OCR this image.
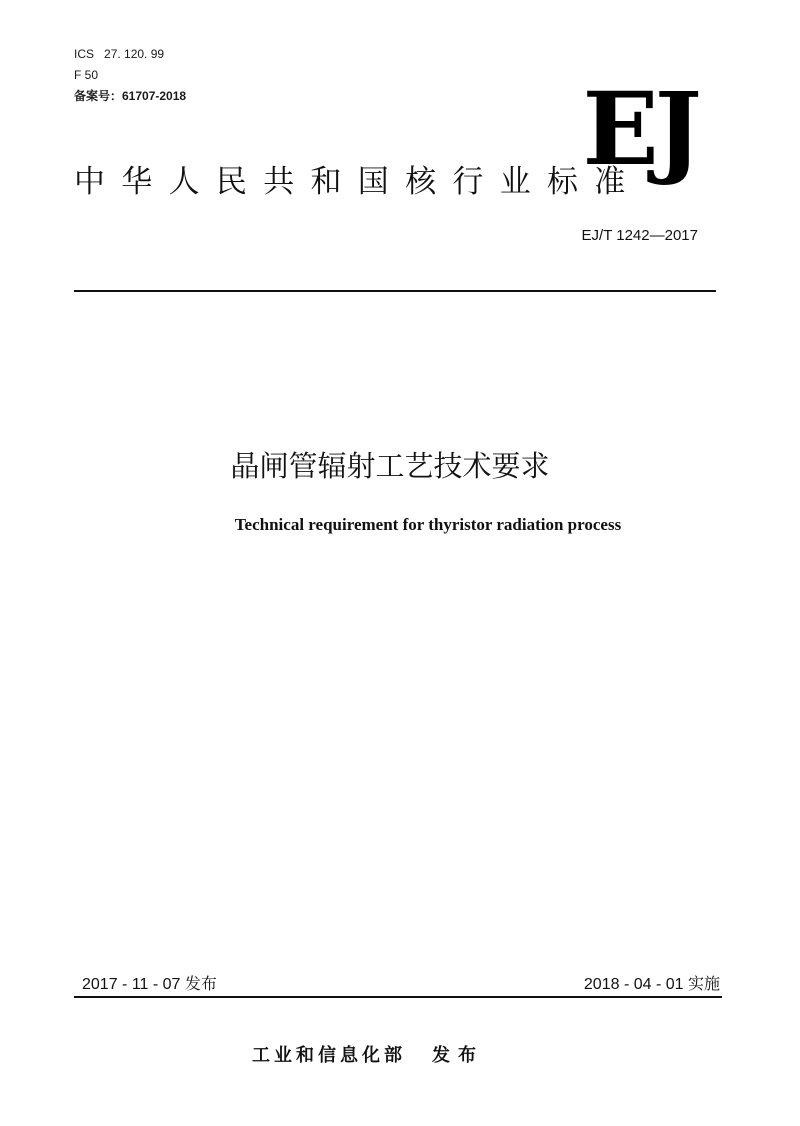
ICS 27. 120. 99
F 50
备案号：61707-2018	EJ
中华人民共和国核行业标准
EJ/T 1242—2017
晶闸管辐射工艺技术要求
Technical requirement for thyristor radiation process
2017 - 11 - 07 发布	2018 - 04 - 01 实施
工业和信息化部 发布
